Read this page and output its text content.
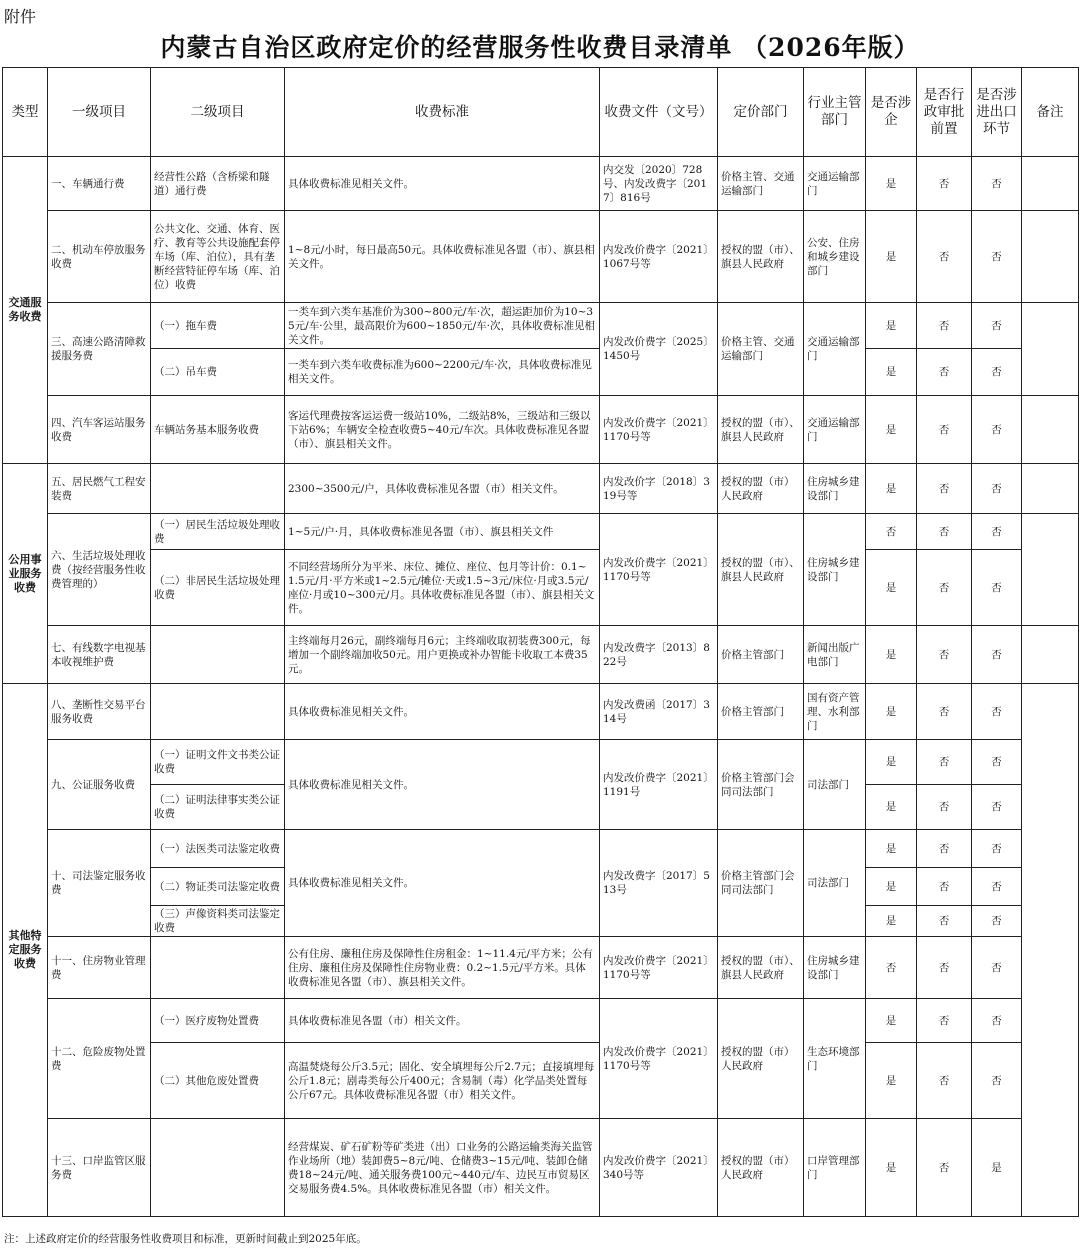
附件
内蒙古自治区政府定价的经营服务性收费目录清单 （2026年版）
类型	一级项目	二级项目	收费标准	收费文件（文号）	定价部门	行业主管部门	是否涉企	是否行政审批前置	是否涉进出口环节	备注
交通服务收费	一、车辆通行费	经营性公路（含桥梁和隧道）通行费	具体收费标准见相关文件。	内交发〔2020〕728号、内发改费字〔2017〕816号	价格主管、交通运输部门	交通运输部门	是	否	否	
	二、机动车停放服务收费	公共文化、交通、体育、医疗、教育等公共设施配套停车场（库、泊位），具有垄断经营特征停车场（库、泊位）收费	1~8元/小时，每日最高50元。具体收费标准见各盟（市）、旗县相关文件。	内发改价费字〔2021〕1067号等	授权的盟（市）、旗县人民政府	公安、住房和城乡建设部门	是	否	否	
	三、高速公路清障救援服务费	（一）拖车费	一类车到六类车基准价为300~800元/车·次，超运距加价为10~35元/车·公里，最高限价为600~1850元/车·次，具体收费标准见相关文件。	内发改价费字〔2025〕1450号	价格主管、交通运输部门	交通运输部门	是	否	否	
		（二）吊车费	一类车到六类车收费标准为600~2200元/车·次，具体收费标准见相关文件。				是	否	否	
	四、汽车客运站服务收费	车辆站务基本服务收费	客运代理费按客运运费一级站10%，二级站8%，三级站和三级以下站6%；车辆安全检查收费5~40元/车次。具体收费标准见各盟（市）、旗县相关文件。	内发改价费字〔2021〕1170号等	授权的盟（市）、旗县人民政府	交通运输部门	是	否	否	

公用事业服务收费	五、居民燃气工程安装费		2300~3500元/户，具体收费标准见各盟（市）相关文件。	内发改价字〔2018〕319号等	授权的盟（市）人民政府	住房城乡建设部门	是	否	否	
	六、生活垃圾处理收费（按经营服务性收费管理的）	（一）居民生活垃圾处理收费	1~5元/户·月，具体收费标准见各盟（市）、旗县相关文件	内发改价费字〔2021〕1170号等	授权的盟（市）、旗县人民政府	住房城乡建设部门	否	否	否	
		（二）非居民生活垃圾处理收费	不同经营场所分为平米、床位、摊位、座位、包月等计价：0.1~1.5元/月·平方米或1~2.5元/摊位·天或1.5~3元/床位·月或3.5元/座位·月或10~300元/月。具体收费标准见各盟（市）、旗县相关文件。				是	否	否	
	七、有线数字电视基本收视维护费		主终端每月26元，副终端每月6元；主终端收取初装费300元，每增加一个副终端加收50元。用户更换或补办智能卡收取工本费35元。	内发改费字〔2013〕822号	价格主管部门	新闻出版广电部门	是	否	否	
其他特定服务收费	八、垄断性交易平台服务收费		具体收费标准见相关文件。	内发改费函〔2017〕314号	价格主管部门	国有资产管理、水利部门	是	否	否	
	九、公证服务收费	（一）证明文件文书类公证收费	具体收费标准见相关文件。	内发改价费字〔2021〕1191号	价格主管部门会同司法部门	司法部门	是	否	否	
		（二）证明法律事实类公证收费					是	否	否	
	十、司法鉴定服务收费	（一）法医类司法鉴定收费	具体收费标准见相关文件。	内发改费字〔2017〕513号	价格主管部门会同司法部门	司法部门	是	否	否	
		（二）物证类司法鉴定收费					是	否	否	
		（三）声像资料类司法鉴定收费					是	否	否	
	十一、住房物业管理费		公有住房、廉租住房及保障性住房租金：1~11.4元/平方米；公有住房、廉租住房及保障性住房物业费：0.2~1.5元/平方米。具体收费标准见各盟（市）、旗县相关文件。	内发改价费字〔2021〕1170号等	授权的盟（市）、旗县人民政府	住房城乡建设部门	否	否	否	
	十二、危险废物处置费	（一）医疗废物处置费	具体收费标准见各盟（市）相关文件。	内发改价费字〔2021〕1170号等	授权的盟（市）人民政府	生态环境部门	是	否	否	
		（二）其他危废处置费	高温焚烧每公斤3.5元；固化、安全填埋每公斤2.7元；直接填埋每公斤1.8元；剧毒类每公斤400元；含易制（毒）化学品类处置每公斤67元。具体收费标准见各盟（市）相关文件。				是	否	否	
	十三、口岸监管区服务费		经营煤炭、矿石矿粉等矿类进（出）口业务的公路运输类海关监管作业场所（地）装卸费5~8元/吨、仓储费3~15元/吨、装卸仓储费18~24元/吨、通关服务费100元~440元/车、边民互市贸易区交易服务费4.5%。具体收费标准见各盟（市）相关文件。	内发改价费字〔2021〕340号等	授权的盟（市）人民政府	口岸管理部门	是	否	是	
注：上述政府定价的经营服务性收费项目和标准，更新时间截止到2025年底。
